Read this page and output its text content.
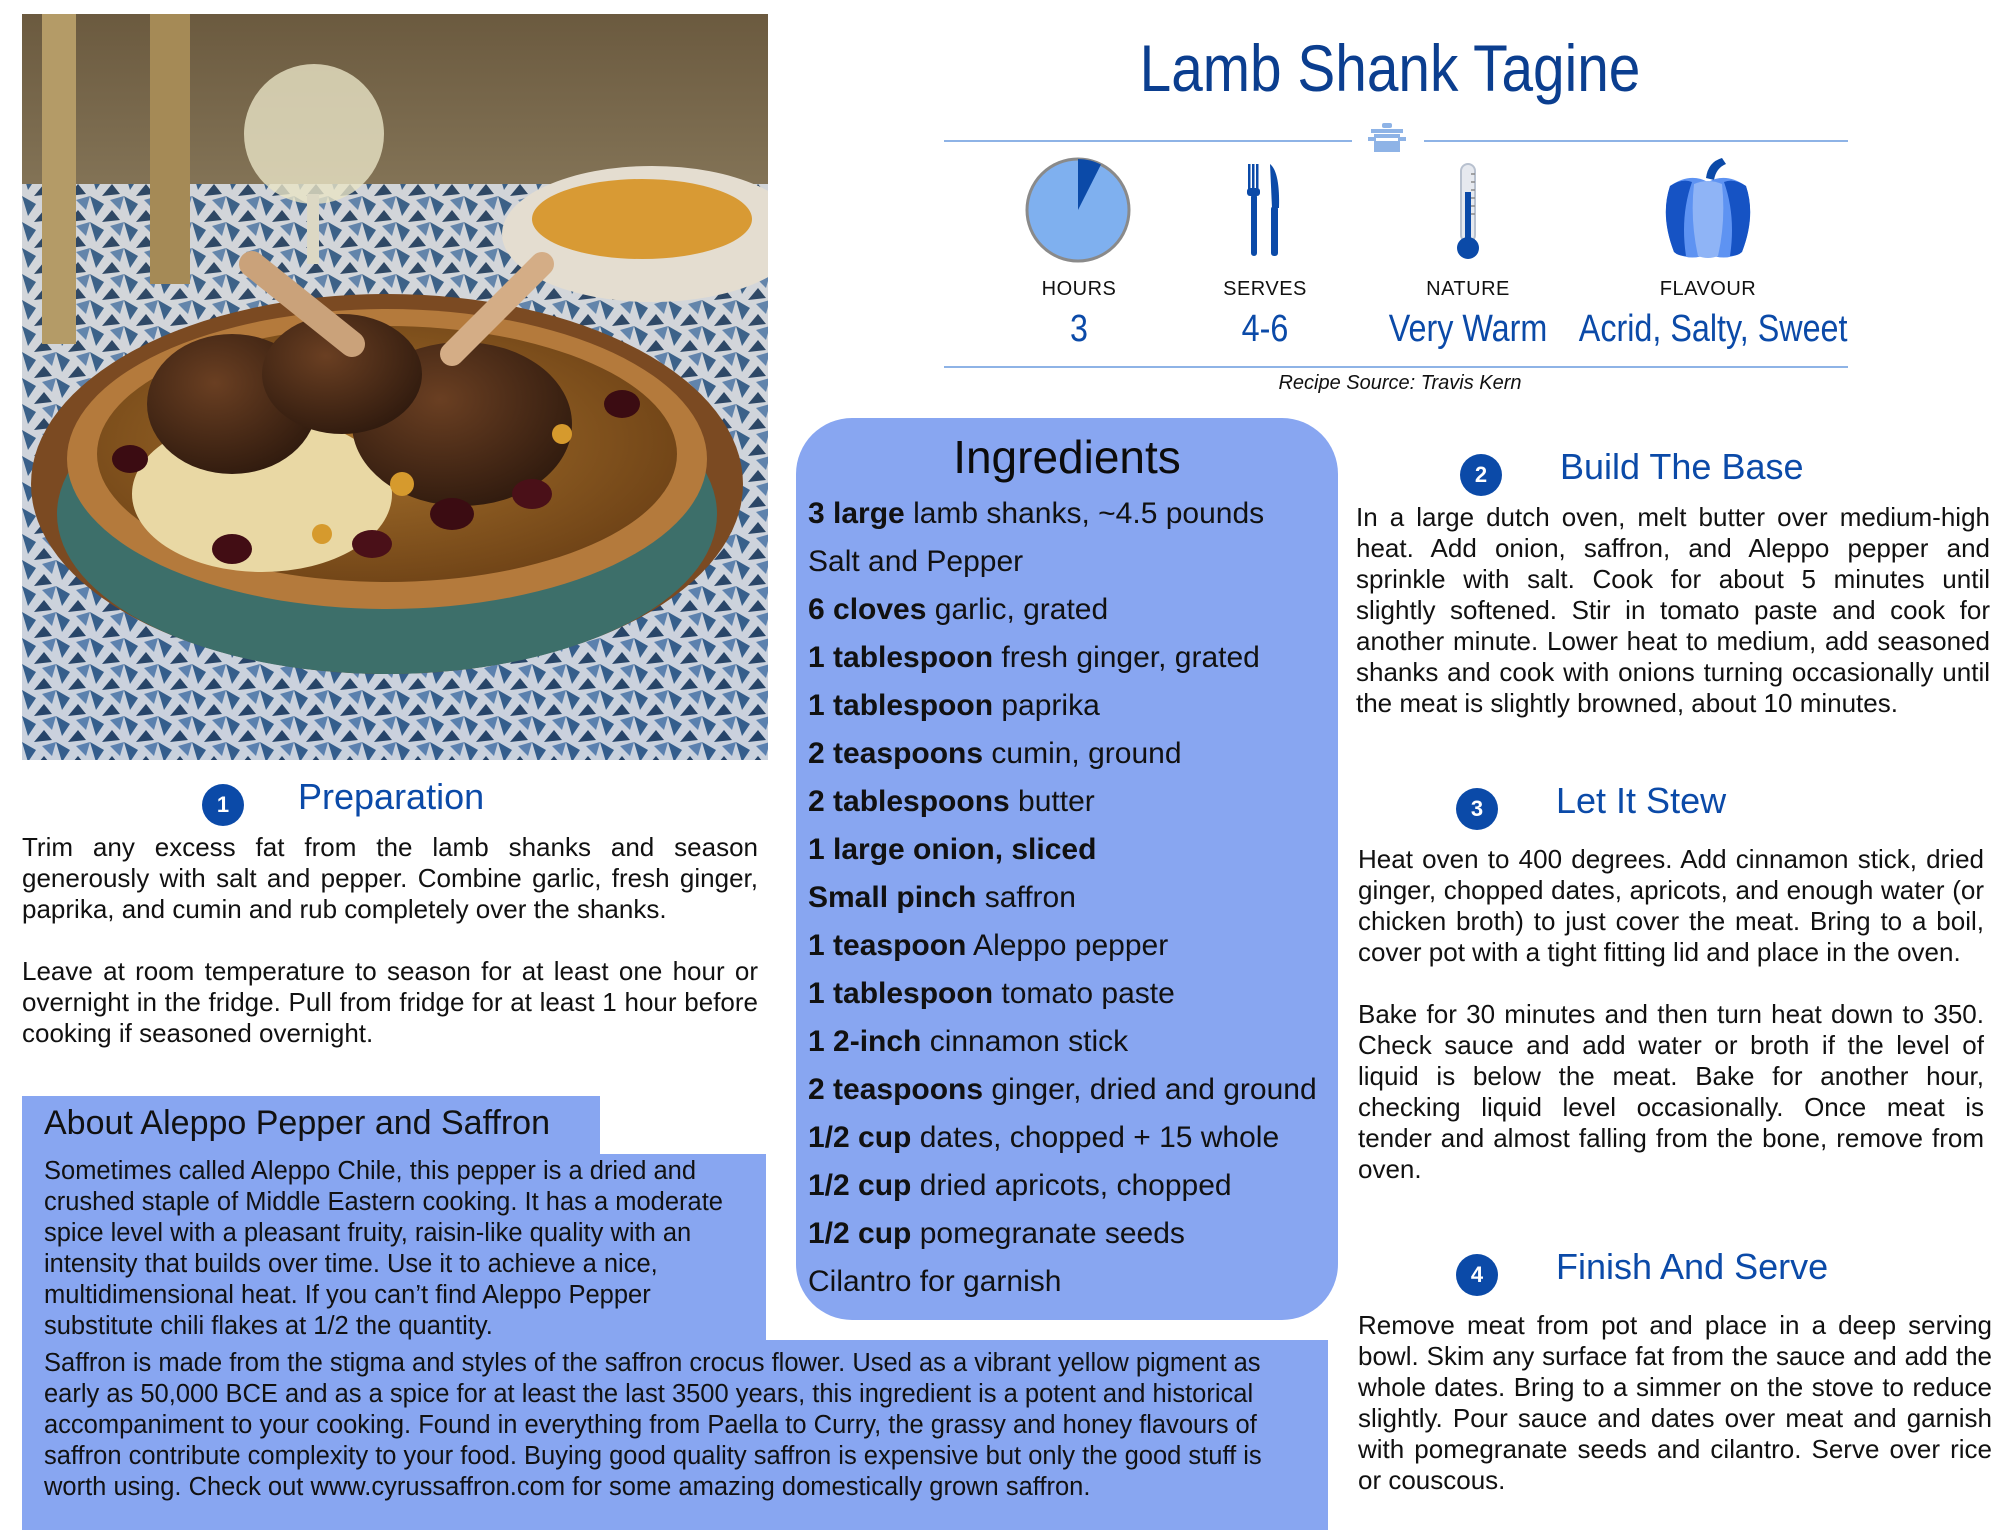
Lamb Shank Tagine
HOURS
3
SERVES
4-6
NATURE
Very Warm
FLAVOUR
Acrid, Salty, Sweet
Recipe Source: Travis Kern
Ingredients
3 large lamb shanks, ~4.5 pounds
Salt and Pepper
6 cloves garlic, grated
1 tablespoon fresh ginger, grated
1 tablespoon paprika
2 teaspoons cumin, ground
2 tablespoons butter
1 large onion, sliced
Small pinch saffron
1 teaspoon Aleppo pepper
1 tablespoon tomato paste
1 2-inch cinnamon stick
2 teaspoons ginger, dried and ground
1/2 cup dates, chopped + 15 whole
1/2 cup dried apricots, chopped
1/2 cup pomegranate seeds
Cilantro for garnish
1	Preparation

Trim any excess fat from the lamb shanks and season generously with salt and pepper. Combine garlic, fresh ginger, paprika, and cumin and rub completely over the shanks.

Leave at room temperature to season for at least one hour or overnight in the fridge. Pull from fridge for at least 1 hour before cooking if seasoned overnight.

About Aleppo Pepper and Saffron
Sometimes called Aleppo Chile, this pepper is a dried and crushed staple of Middle Eastern cooking. It has a moderate spice level with a pleasant fruity, raisin-like quality with an intensity that builds over time. Use it to achieve a nice, multidimensional heat. If you can’t find Aleppo Pepper substitute chili flakes at 1/2 the quantity.
Saffron is made from the stigma and styles of the saffron crocus flower. Used as a vibrant yellow pigment as early as 50,000 BCE and as a spice for at least the last 3500 years, this ingredient is a potent and historical accompaniment to your cooking. Found in everything from Paella to Curry, the grassy and honey flavours of saffron contribute complexity to your food. Buying good quality saffron is expensive but only the good stuff is worth using. Check out www.cyrussaffron.com for some amazing domestically grown saffron.
2	Build The Base

In a large dutch oven, melt butter over medium-high heat. Add onion, saffron, and Aleppo pepper and sprinkle with salt. Cook for about 5 minutes until slightly softened. Stir in tomato paste and cook for another minute. Lower heat to medium, add seasoned shanks and cook with onions turning occasionally until the meat is slightly browned, about 10 minutes.

3	Let It Stew

Heat oven to 400 degrees. Add cinnamon stick, dried ginger, chopped dates, apricots, and enough water (or chicken broth) to just cover the meat. Bring to a boil, cover pot with a tight fitting lid and place in the oven.

Bake for 30 minutes and then turn heat down to 350. Check sauce and add water or broth if the level of liquid is below the meat. Bake for another hour, checking liquid level occasionally. Once meat is tender and almost falling from the bone, remove from oven.

4	Finish And Serve

Remove meat from pot and place in a deep serving bowl. Skim any surface fat from the sauce and add the whole dates. Bring to a simmer on the stove to reduce slightly. Pour sauce and dates over meat and garnish with pomegranate seeds and cilantro. Serve over rice or couscous.
